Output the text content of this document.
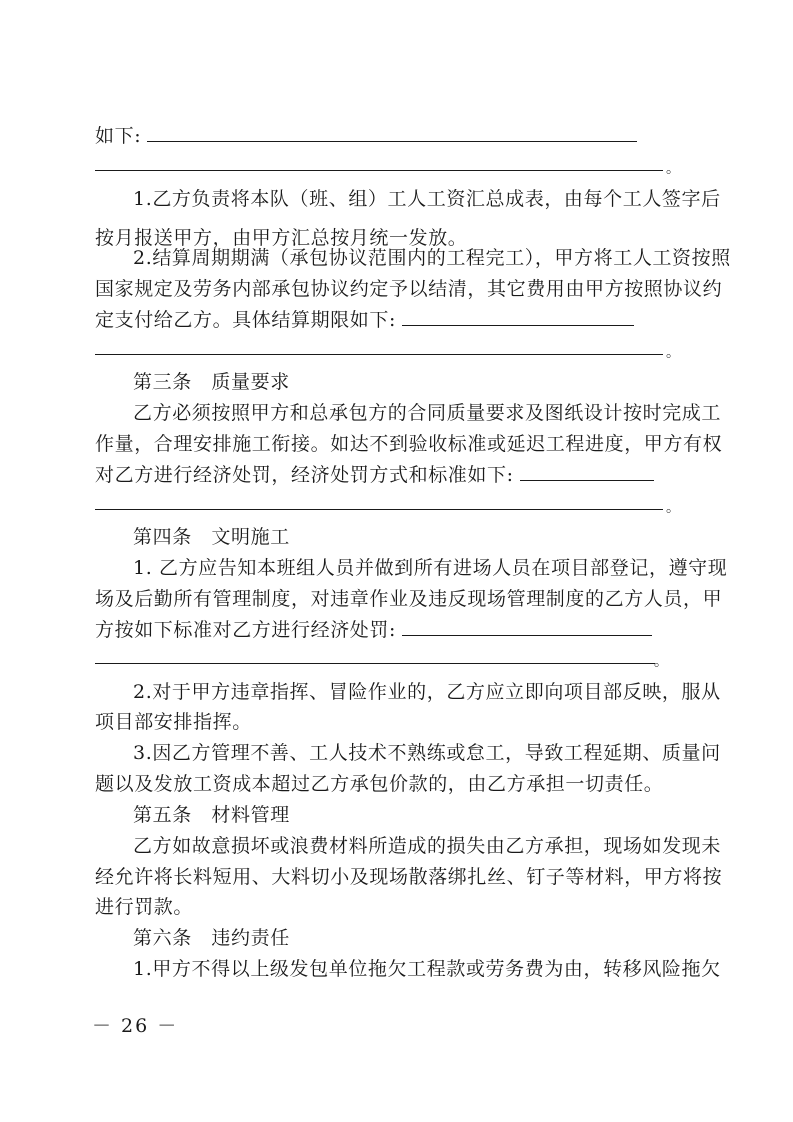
如下:
。
1.乙方负责将本队（班、组）工人工资汇总成表，由每个工人签字后
按月报送甲方，由甲方汇总按月统一发放。
2.结算周期期满（承包协议范围内的工程完工），甲方将工人工资按照
国家规定及劳务内部承包协议约定予以结清，其它费用由甲方按照协议约
定支付给乙方。具体结算期限如下:
。
第三条　质量要求
乙方必须按照甲方和总承包方的合同质量要求及图纸设计按时完成工
作量，合理安排施工衔接。如达不到验收标准或延迟工程进度，甲方有权
对乙方进行经济处罚，经济处罚方式和标准如下:
。
第四条　文明施工
1. 乙方应告知本班组人员并做到所有进场人员在项目部登记，遵守现
场及后勤所有管理制度，对违章作业及违反现场管理制度的乙方人员，甲
方按如下标准对乙方进行经济处罚:
。
2.对于甲方违章指挥、冒险作业的，乙方应立即向项目部反映，服从
项目部安排指挥。
3.因乙方管理不善、工人技术不熟练或怠工，导致工程延期、质量问
题以及发放工资成本超过乙方承包价款的，由乙方承担一切责任。
第五条　材料管理
乙方如故意损坏或浪费材料所造成的损失由乙方承担，现场如发现未
经允许将长料短用、大料切小及现场散落绑扎丝、钉子等材料，甲方将按
进行罚款。
第六条　违约责任
1.甲方不得以上级发包单位拖欠工程款或劳务费为由，转移风险拖欠
－ 26 －
